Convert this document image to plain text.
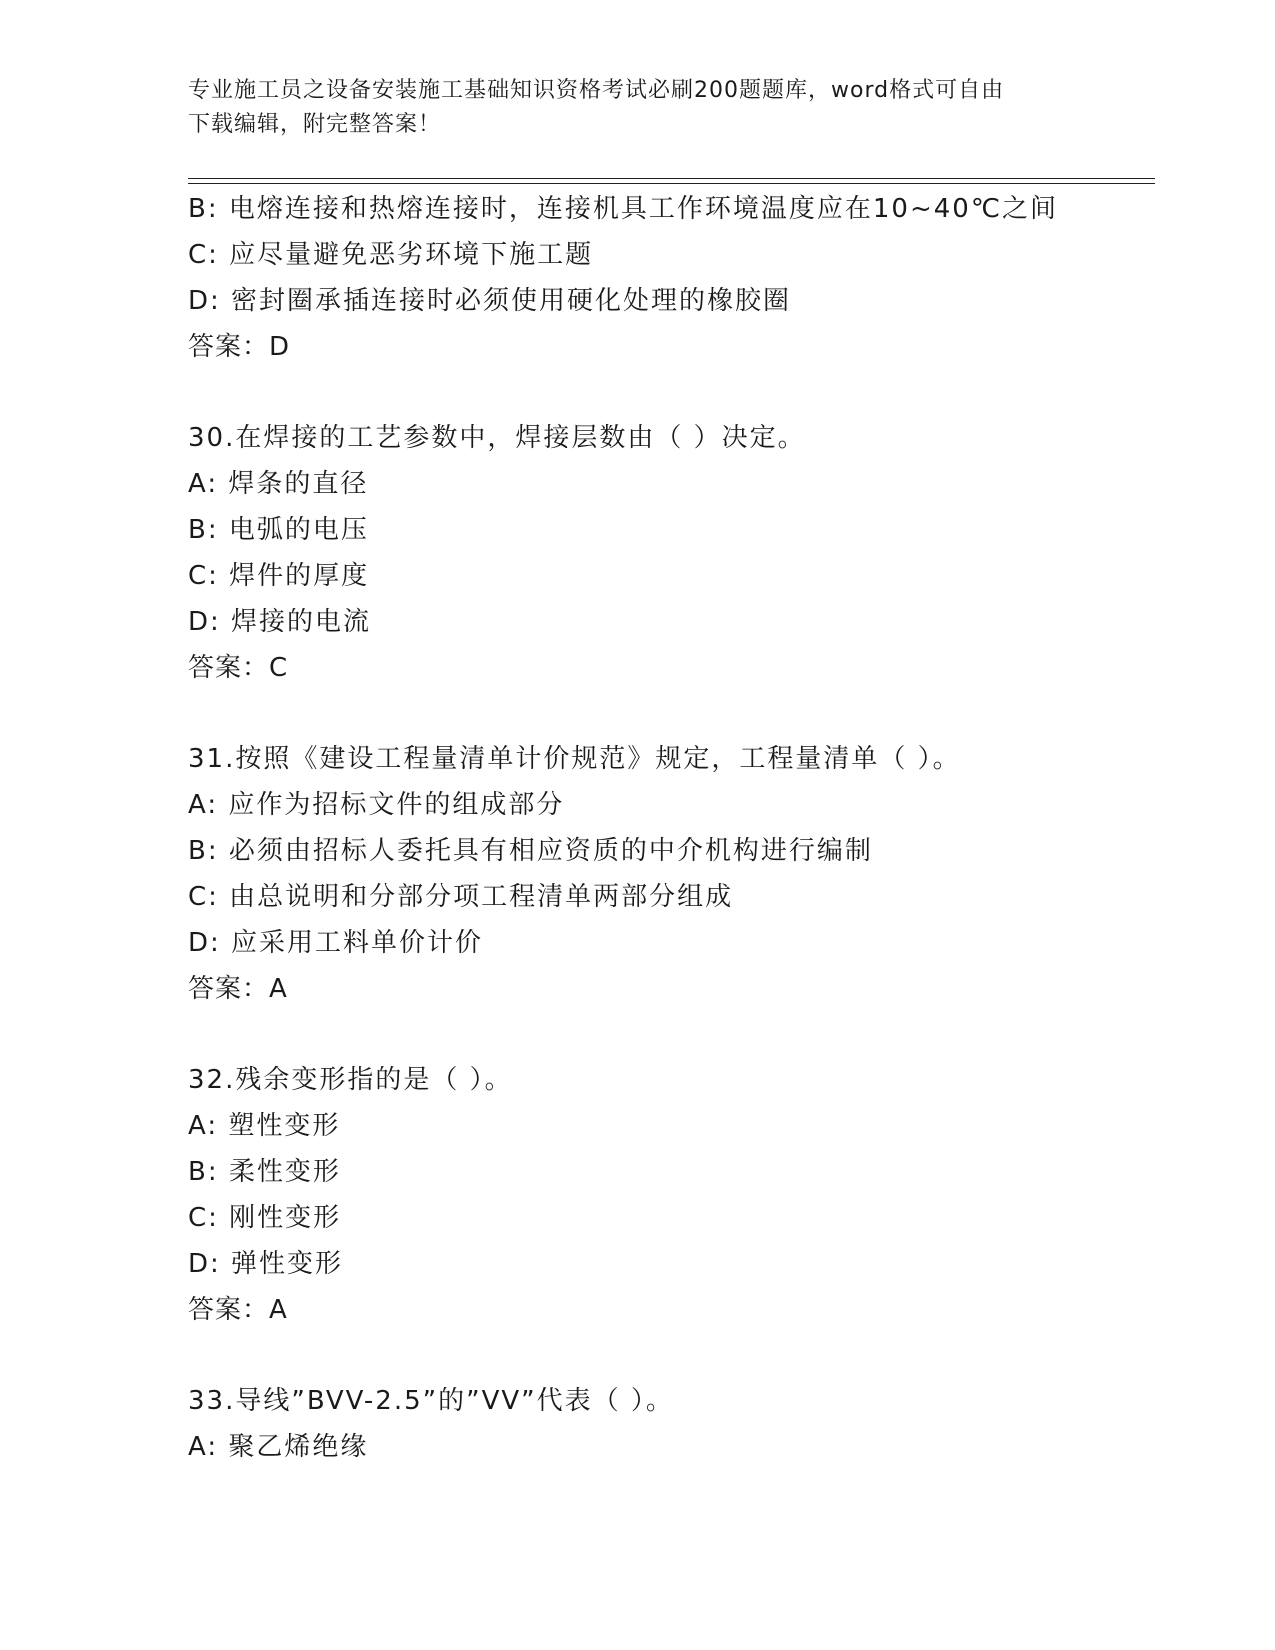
专业施工员之设备安装施工基础知识资格考试必刷200题题库，word格式可自由
下载编辑，附完整答案！
B: 电熔连接和热熔连接时，连接机具工作环境温度应在10~40℃之间
C: 应尽量避免恶劣环境下施工题
D: 密封圈承插连接时必须使用硬化处理的橡胶圈
答案：D
30.在焊接的工艺参数中，焊接层数由（ ）决定。
A: 焊条的直径
B: 电弧的电压
C: 焊件的厚度
D: 焊接的电流
答案：C
31.按照《建设工程量清单计价规范》规定，工程量清单（ ）。
A: 应作为招标文件的组成部分
B: 必须由招标人委托具有相应资质的中介机构进行编制
C: 由总说明和分部分项工程清单两部分组成
D: 应采用工料单价计价
答案：A
32.残余变形指的是（ ）。
A: 塑性变形
B: 柔性变形
C: 刚性变形
D: 弹性变形
答案：A
33.导线”BVV-2.5”的”VV”代表（ ）。
A: 聚乙烯绝缘
